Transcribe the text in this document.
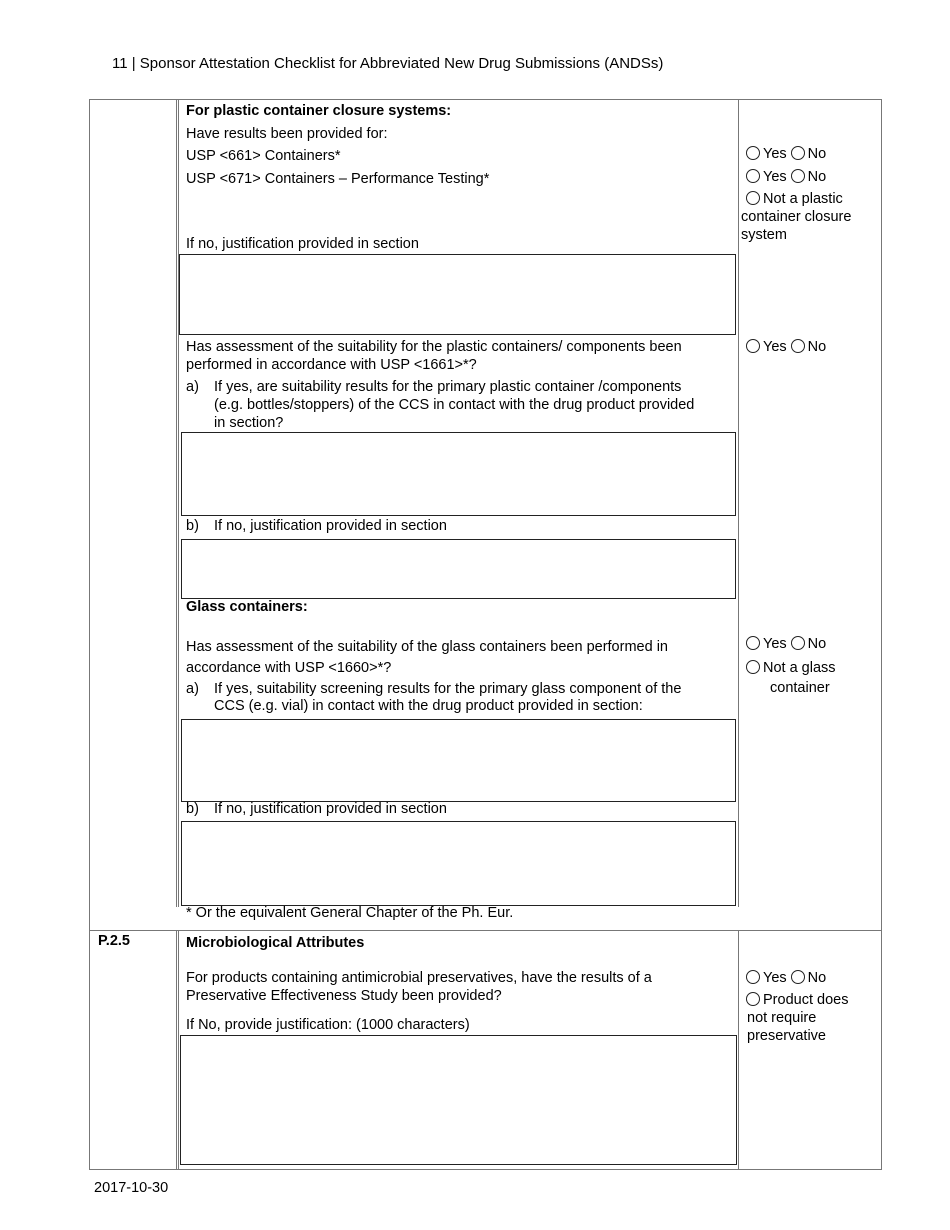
11 | Sponsor Attestation Checklist for Abbreviated New Drug Submissions (ANDSs)
For plastic container closure systems:
Have results been provided for:
USP <661> Containers*
USP <671> Containers – Performance Testing*
If no, justification provided in section
Yes No
Yes No
Not a plastic
container closure
system
Has assessment of the suitability for the plastic containers/ components been
performed in accordance with USP <1661>*?
Yes No
a) If yes, are suitability results for the primary plastic container /components
(e.g. bottles/stoppers) of the CCS in contact with the drug product provided
in section?
b) If no, justification provided in section
Glass containers:
Has assessment of the suitability of the glass containers been performed in
accordance with USP <1660>*?
Yes No
Not a glass
container
a) If yes, suitability screening results for the primary glass component of the
CCS (e.g. vial) in contact with the drug product provided in section:
b) If no, justification provided in section
* Or the equivalent General Chapter of the Ph. Eur.
P.2.5	Microbiological Attributes
For products containing antimicrobial preservatives, have the results of a
Preservative Effectiveness Study been provided?
If No, provide justification: (1000 characters)
Yes No
Product does
not require
preservative
2017-10-30
